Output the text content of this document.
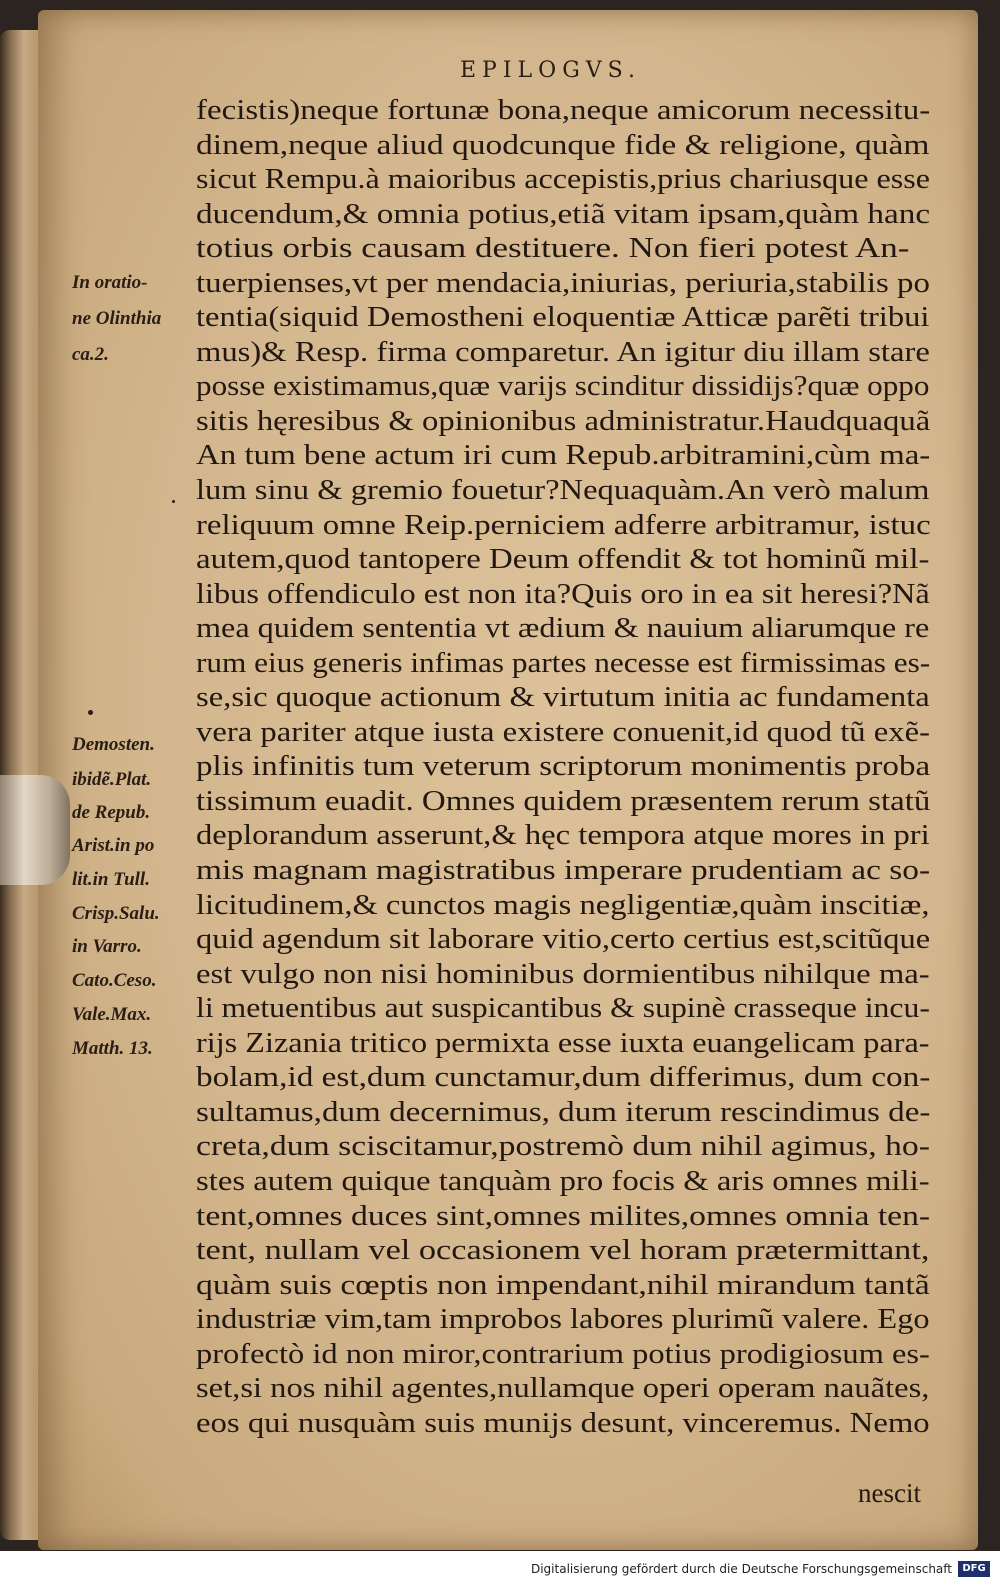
EPILOGVS.
In oratio-
ne Olinthia
ca.2.
Demosten.
ibidẽ.Plat.
de Repub.
Arist.in po
lit.in Tull.
Crisp.Salu.
in Varro.
Cato.Ceso.
Vale.Max.
Matth. 13.
fecistis)neque fortunæ bona,neque amicorum necessitu-
dinem,neque aliud quodcunque fide & religione, quàm
sicut Rempu.à maioribus accepistis,prius chariusque esse
ducendum,& omnia potius,etiã vitam ipsam,quàm hanc
totius orbis causam destituere. Non fieri potest An-
tuerpienses,vt per mendacia,iniurias, periuria,stabilis po
tentia(siquid Demostheni eloquentiæ Atticæ parẽti tribui
mus)& Resp. firma comparetur. An igitur diu illam stare
posse existimamus,quæ varijs scinditur dissidijs?quæ oppo
sitis hęresibus & opinionibus administratur.Haudquaquã
An tum bene actum iri cum Repub.arbitramini,cùm ma-
lum sinu & gremio fouetur?Nequaquàm.An verò malum
reliquum omne Reip.perniciem adferre arbitramur, istuc
autem,quod tantopere Deum offendit & tot hominũ mil-
libus offendiculo est non ita?Quis oro in ea sit heresi?Nã
mea quidem sententia vt ædium & nauium aliarumque re
rum eius generis infimas partes necesse est firmissimas es-
se,sic quoque actionum & virtutum initia ac fundamenta
vera pariter atque iusta existere conuenit,id quod tũ exẽ-
plis infinitis tum veterum scriptorum monimentis proba
tissimum euadit. Omnes quidem præsentem rerum statũ
deplorandum asserunt,& hęc tempora atque mores in pri
mis magnam magistratibus imperare prudentiam ac so-
licitudinem,& cunctos magis negligentiæ,quàm inscitiæ,
quid agendum sit laborare vitio,certo certius est,scitũque
est vulgo non nisi hominibus dormientibus nihilque ma-
li metuentibus aut suspicantibus & supinè crasseque incu-
rijs Zizania tritico permixta esse iuxta euangelicam para-
bolam,id est,dum cunctamur,dum differimus, dum con-
sultamus,dum decernimus, dum iterum rescindimus de-
creta,dum sciscitamur,postremò dum nihil agimus, ho-
stes autem quique tanquàm pro focis & aris omnes mili-
tent,omnes duces sint,omnes milites,omnes omnia ten-
tent, nullam vel occasionem vel horam prætermittant,
quàm suis cœptis non impendant,nihil mirandum tantã
industriæ vim,tam improbos labores plurimũ valere. Ego
profectò id non miror,contrarium potius prodigiosum es-
set,si nos nihil agentes,nullamque operi operam nauãtes,
eos qui nusquàm suis munijs desunt, vinceremus. Nemo
nescit
Digitalisierung gefördert durch die Deutsche Forschungsgemeinschaft	DFG
